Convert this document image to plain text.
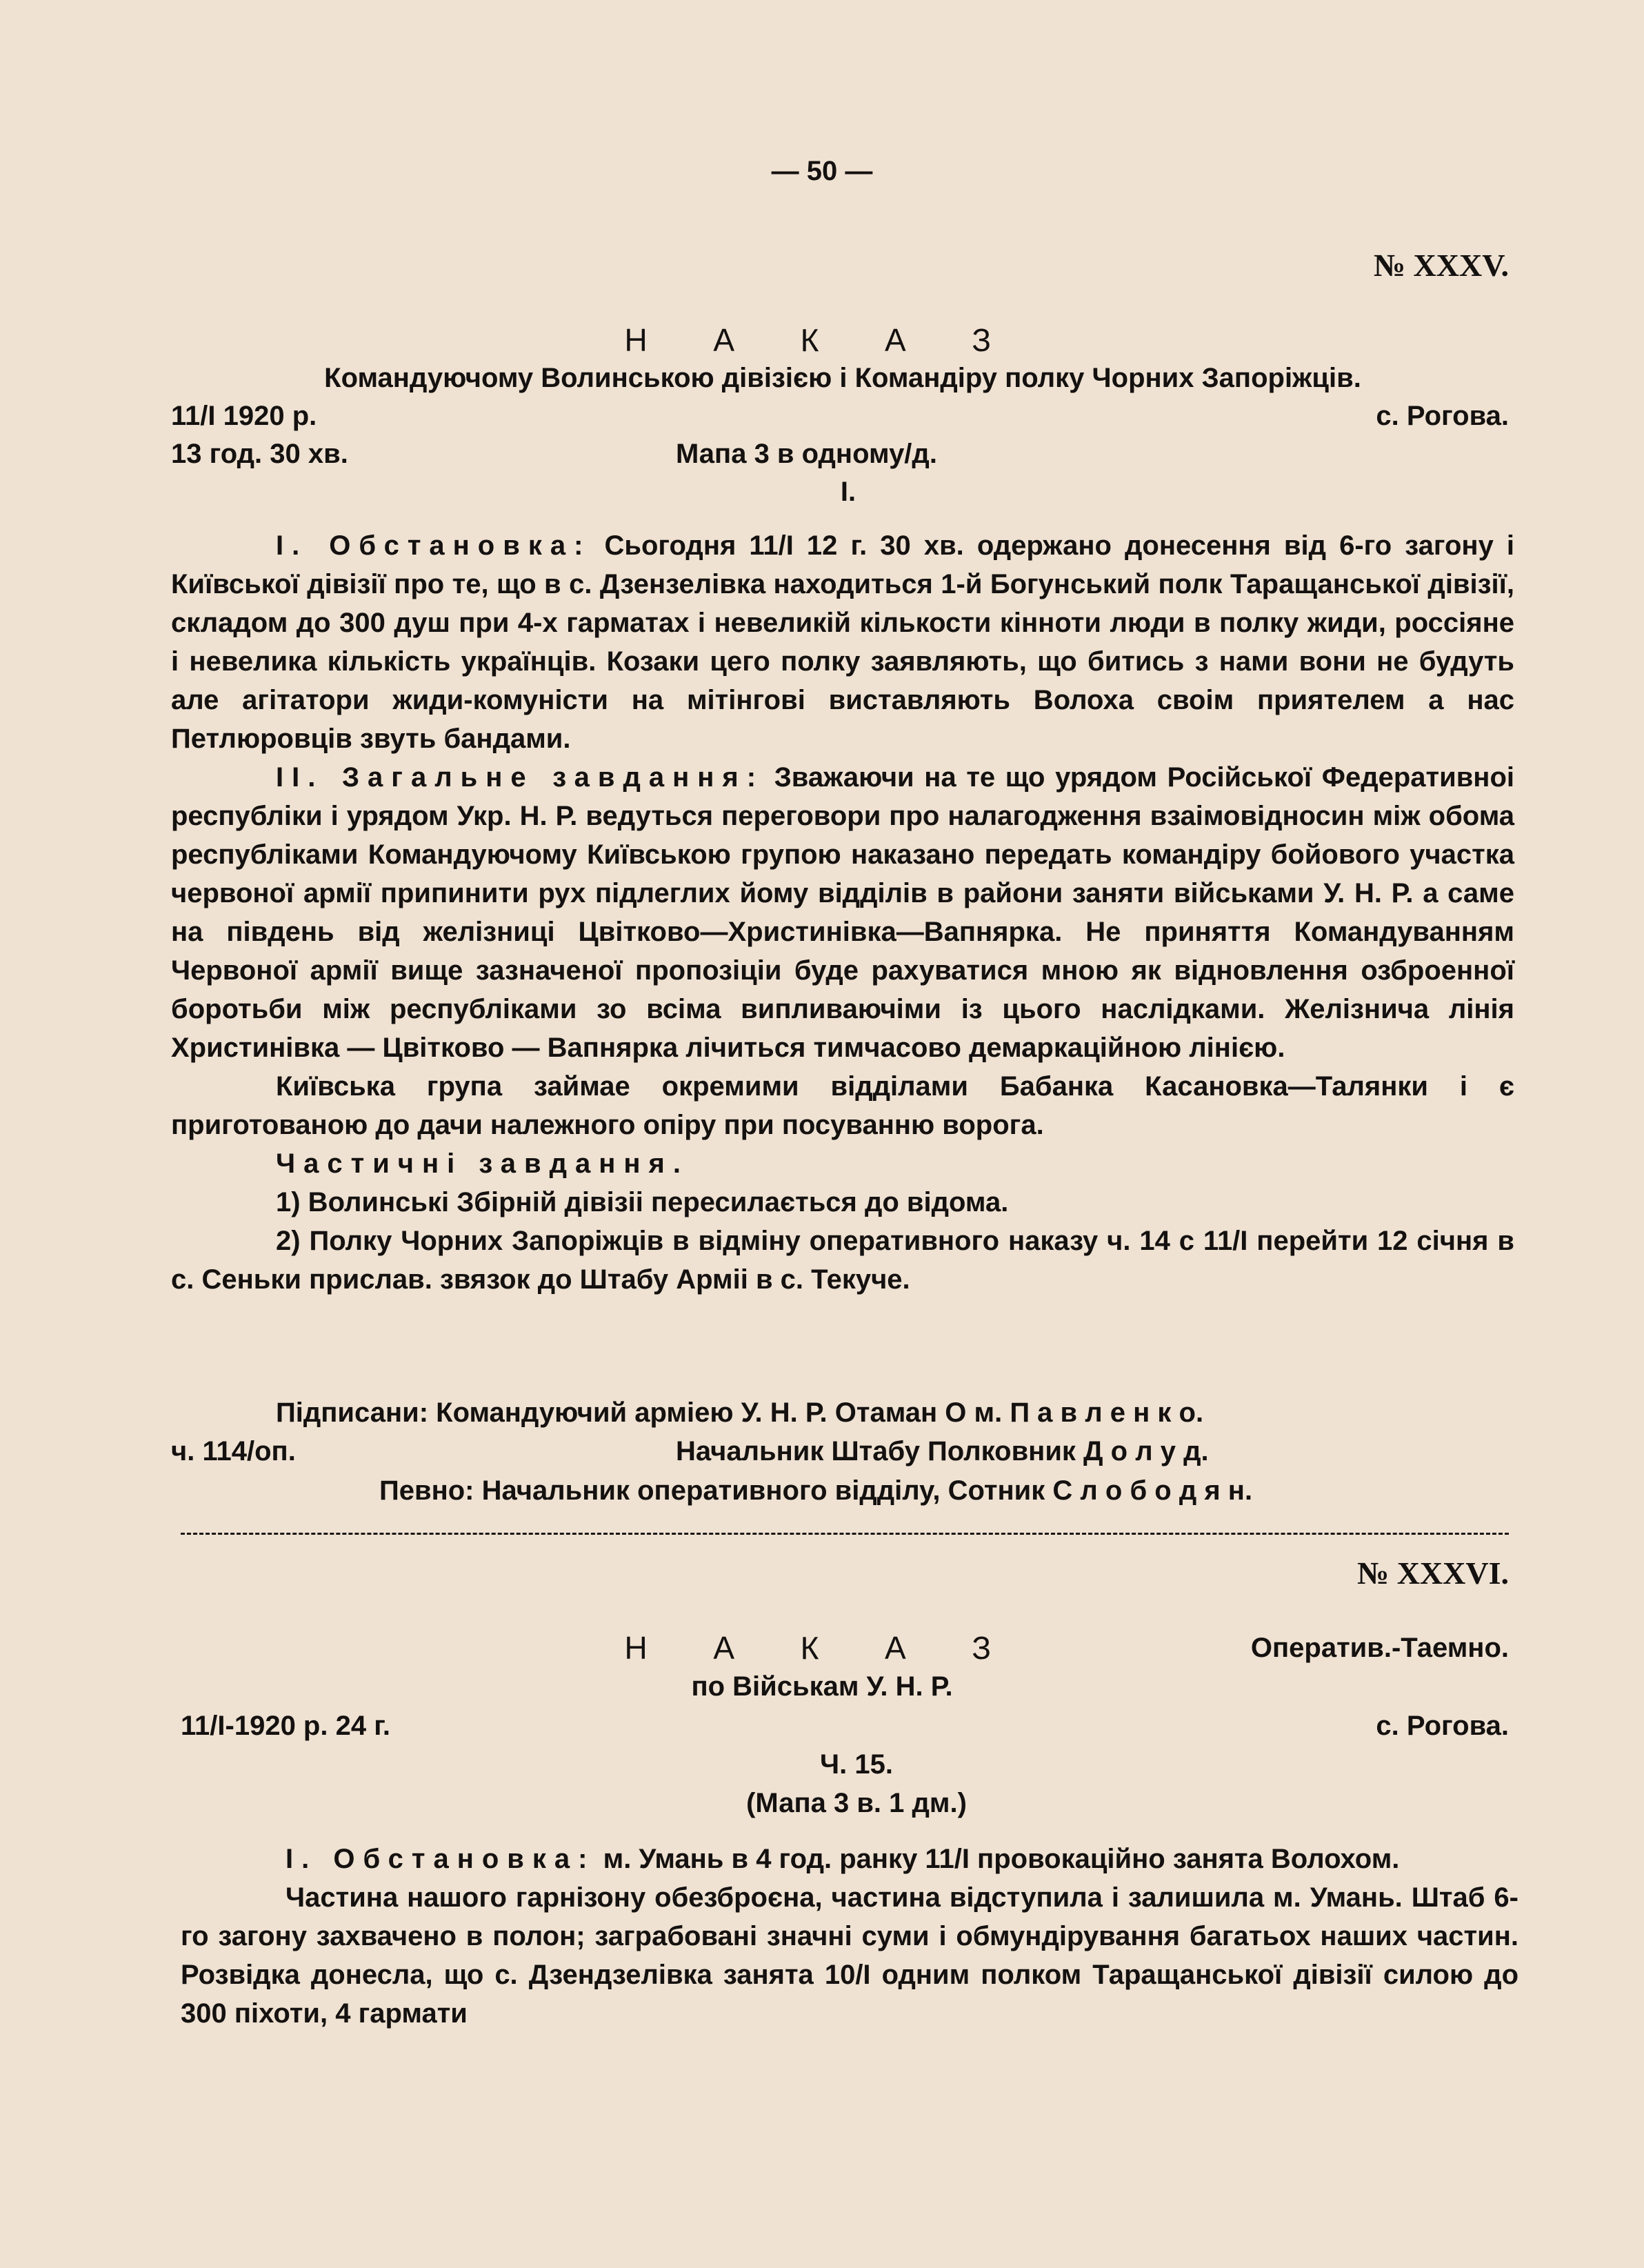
— 50 —
№ XXXV.
Н А К А З
Командуючому Волинською дівізією і Командіру полку Чорних Запоріжців.
11/І 1920 р.	с. Рогова.
13 год. 30 хв.	Мапа 3 в одному/д.
I.

I. Обстановка: Сьогодня 11/І 12 г. 30 хв. одержано донесення від 6-го загону і Київської дівізії про те, що в с. Дзензелівка находиться 1-й Богунський полк Таращанської дівізії, складом до 300 душ при 4-х гарматах і невеликій кількости кінноти люди в полку жиди, россіяне і невелика кількість українців. Козаки цего полку заявляють, що битись з нами вони не будуть але агітатори жиди-комуністи на мітінгові виставляють Волоха своім приятелем а нас Петлюровців звуть бандами.

II. Загальне завдання: Зважаючи на те що урядом Російської Федеративноі республіки і урядом Укр. Н. Р. ведуться переговори про налагодження взаімовідносин між обома республіками Командуючому Київською групою наказано передать командіру бойового участка червоної армії припинити рух підлеглих йому відділів в райони заняти військами У. Н. Р. а саме на південь від желізниці Цвітково—Христинівка—Вапнярка. Не приняття Командуванням Червоної армії вище зазначеної пропозіціи буде рахуватися мною як відновлення озброенної боротьби між республіками зо всіма випливаючіми із цього наслідками. Желізнича лінія Христинівка — Цвітково — Вапнярка лічиться тимчасово демаркаційною лінією.

Київська група займае окремими відділами Бабанка Касановка—Талянки і є приготованою до дачи належного опіру при посуванню ворога.

Частичні завдання.

1) Волинські Збірній дівізіі пересилається до відома.

2) Полку Чорних Запоріжців в відміну оперативного наказу ч. 14 с 11/І перейти 12 січня в с. Сеньки прислав. звязок до Штабу Арміі в с. Текуче.

Підписани: Командуючий арміею У. Н. Р. Отаман О м. П а в л е н к о.
ч. 114/оп.	Начальник Штабу Полковник Д о л у д.
Певно: Начальник оперативного відділу, Сотник С л о б о д я н.
№ XXXVI.
Н А К А З	Оператив.-Таемно.
по Військам У. Н. Р.
11/І-1920 р. 24 г.	с. Рогова.
Ч. 15.
(Мапа 3 в. 1 дм.)

I. Обстановка: м. Умань в 4 год. ранку 11/І провокаційно занята Волохом.

Частина нашого гарнізону обезброєна, частина відступила і залишила м. Умань. Штаб 6-го загону захвачено в полон; заграбовані значні суми і обмундірування багатьох наших частин. Розвідка донесла, що с. Дзендзелівка занята 10/І одним полком Таращанської дівізії силою до 300 піхоти, 4 гармати
